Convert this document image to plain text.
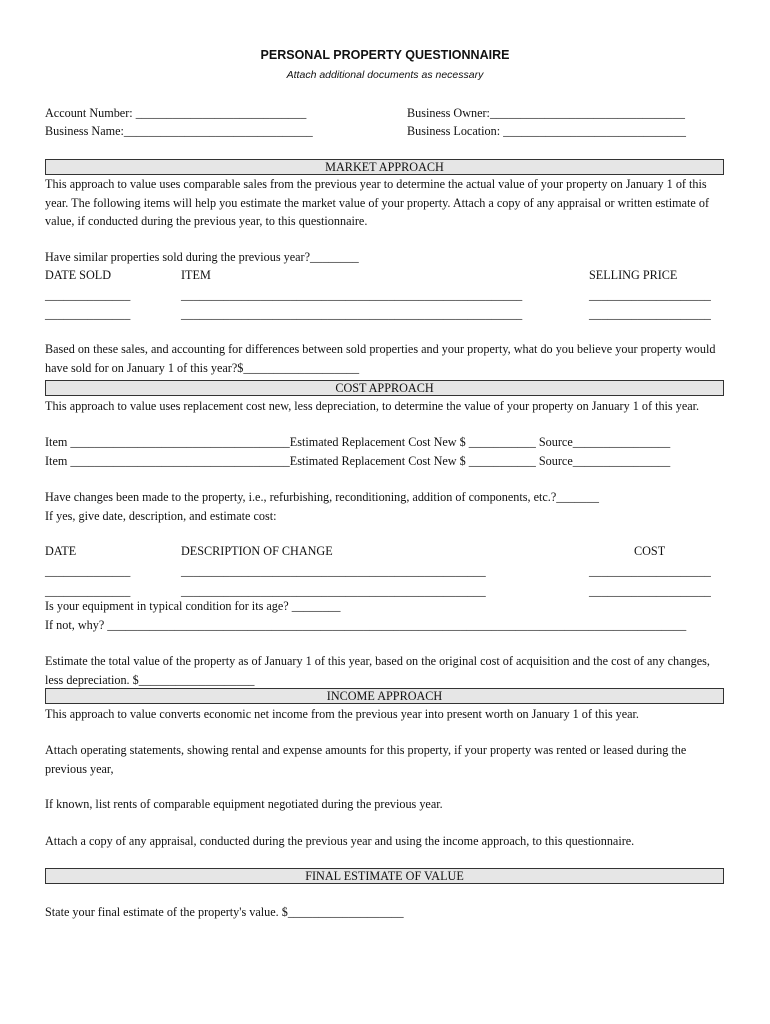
PERSONAL PROPERTY QUESTIONNAIRE
Attach additional documents as necessary
Account Number: ____________________________	Business Owner:________________________________
Business Name:_______________________________	Business Location: ______________________________
MARKET APPROACH
This approach to value uses comparable sales from the previous year to determine the actual value of your property on January 1 of this year. The following items will help you estimate the market value of your property. Attach a copy of any appraisal or written estimate of value, if conducted during the previous year, to this questionnaire.
Have similar properties sold during the previous year?________
DATE SOLD	ITEM	SELLING PRICE
______________	________________________________________________________	____________________
______________	________________________________________________________	____________________
Based on these sales, and accounting for differences between sold properties and your property, what do you believe your property would have sold for on January 1 of this year?$___________________
COST APPROACH
This approach to value uses replacement cost new, less depreciation, to determine the value of your property on January 1 of this year.
Item ____________________________________Estimated Replacement Cost New $ ___________ Source________________
Item ____________________________________Estimated Replacement Cost New $ ___________ Source________________
Have changes been made to the property, i.e., refurbishing, reconditioning, addition of components, etc.?_______
If yes, give date, description, and estimate cost:
DATE	DESCRIPTION OF CHANGE	COST
______________	__________________________________________________	____________________
______________	__________________________________________________	____________________
Is your equipment in typical condition for its age? ________
If not, why? _______________________________________________________________________________________________
Estimate the total value of the property as of January 1 of this year, based on the original cost of acquisition and the cost of any changes, less depreciation. $___________________
INCOME APPROACH
This approach to value converts economic net income from the previous year into present worth on January 1 of this year.
Attach operating statements, showing rental and expense amounts for this property, if your property was rented or leased during the previous year,
If known, list rents of comparable equipment negotiated during the previous year.
Attach a copy of any appraisal, conducted during the previous year and using the income approach, to this questionnaire.
FINAL ESTIMATE OF VALUE
State your final estimate of the property's value. $___________________
